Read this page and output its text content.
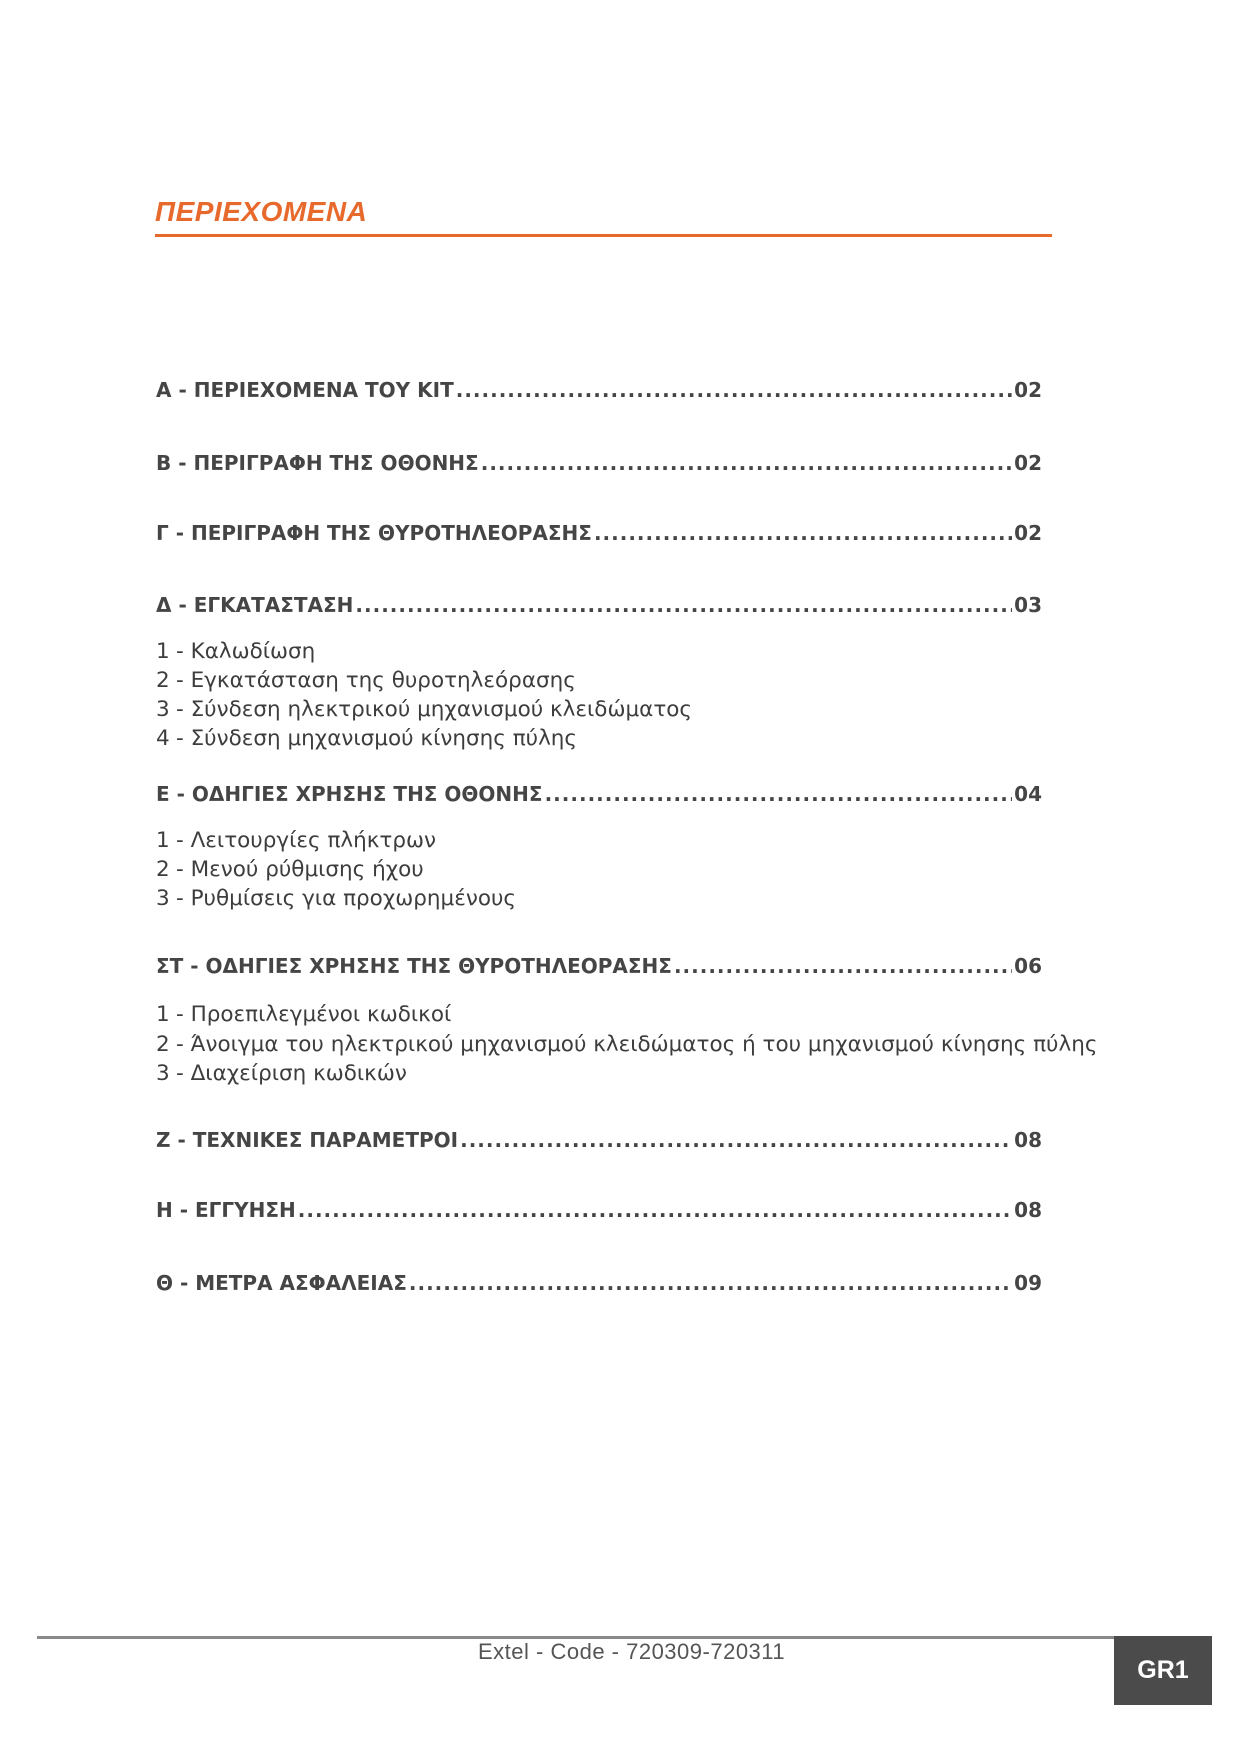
ΠΕΡΙΕΧΟΜΕΝΑ
Α - ΠΕΡΙΕΧΟΜΕΝΑ ΤΟΥ ΚΙΤ .....	02
Β - ΠΕΡΙΓΡΑΦΗ ΤΗΣ ΟΘΟΝΗΣ .....	02
Γ - ΠΕΡΙΓΡΑΦΗ ΤΗΣ ΘΥΡΟΤΗΛΕΟΡΑΣΗΣ .....	02
Δ - ΕΓΚΑΤΑΣΤΑΣΗ .....	03
1 - Καλωδίωση
2 - Εγκατάσταση της θυροτηλεόρασης
3 - Σύνδεση ηλεκτρικού μηχανισμού κλειδώματος
4 - Σύνδεση μηχανισμού κίνησης πύλης
Ε - ΟΔΗΓΙΕΣ ΧΡΗΣΗΣ ΤΗΣ ΟΘΟΝΗΣ .....	04
1 - Λειτουργίες πλήκτρων
2 - Μενού ρύθμισης ήχου
3 - Ρυθμίσεις για προχωρημένους
ΣΤ - ΟΔΗΓΙΕΣ ΧΡΗΣΗΣ ΤΗΣ ΘΥΡΟΤΗΛΕΟΡΑΣΗΣ .....	06
1 - Προεπιλεγμένοι κωδικοί
2 - Άνοιγμα του ηλεκτρικού μηχανισμού κλειδώματος ή του μηχανισμού κίνησης πύλης
3 - Διαχείριση κωδικών
Ζ - ΤΕΧΝΙΚΕΣ ΠΑΡΑΜΕΤΡΟΙ .....	08
Η - ΕΓΓΥΗΣΗ .....	08
Θ - ΜΕΤΡΑ ΑΣΦΑΛΕΙΑΣ .....	09
Extel - Code - 720309-720311
GR1
